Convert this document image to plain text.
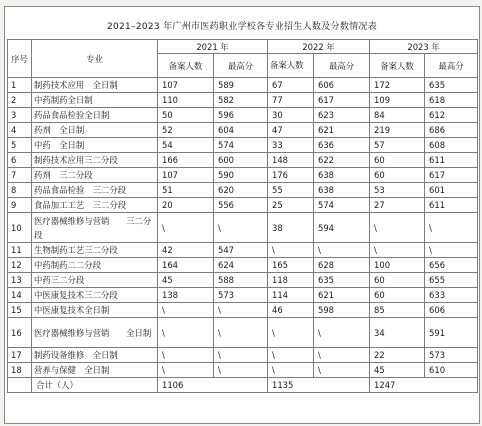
2021–2023 年广州市医药职业学校各专业招生人数及分数情况表
序号	专业	2021 年		2022 年		2023 年	
		备案人数	最高分	备案人数	最高分	备案人数	最高分
1	制药技术应用　全日制	107	589	67	606	172	635
2	中药制药全日制	110	582	77	617	109	618
3	药品食品检验全日制	50	596	30	623	84	612
4	药剂　全日制	52	604	47	621	219	686
5	中药　全日制	54	574	33	636	57	608
6	制药技术应用三二分段	166	600	148	622	60	611
7	药剂　三二分段	107	590	176	638	60	617
8	药品食品检验　三二分段	51	620	55	638	53	601
9	食品加工工艺　三二分段	20	556	25	574	27	611
10	医疗器械维修与营销　　三二分段	\	\	38	594	\	\
11	生物制药工艺三二分段	42	547	\	\	\	\
12	中药制药二二分段	164	624	165	628	100	656
13	中药三二分段	45	588	118	635	60	655
14	中医康复技术三二分段	138	573	114	621	60	633
15	中医康复技术全日制	\	\	46	598	85	606
16	医疗器械维修与营销　　全日制	\	\	\	\	34	591
17	制药设备维修　全日制	\	\	\	\	22	573
18	营养与保健　全日制	\	\	\	\	45	610
	合计（人）	1106		1135		1247	
